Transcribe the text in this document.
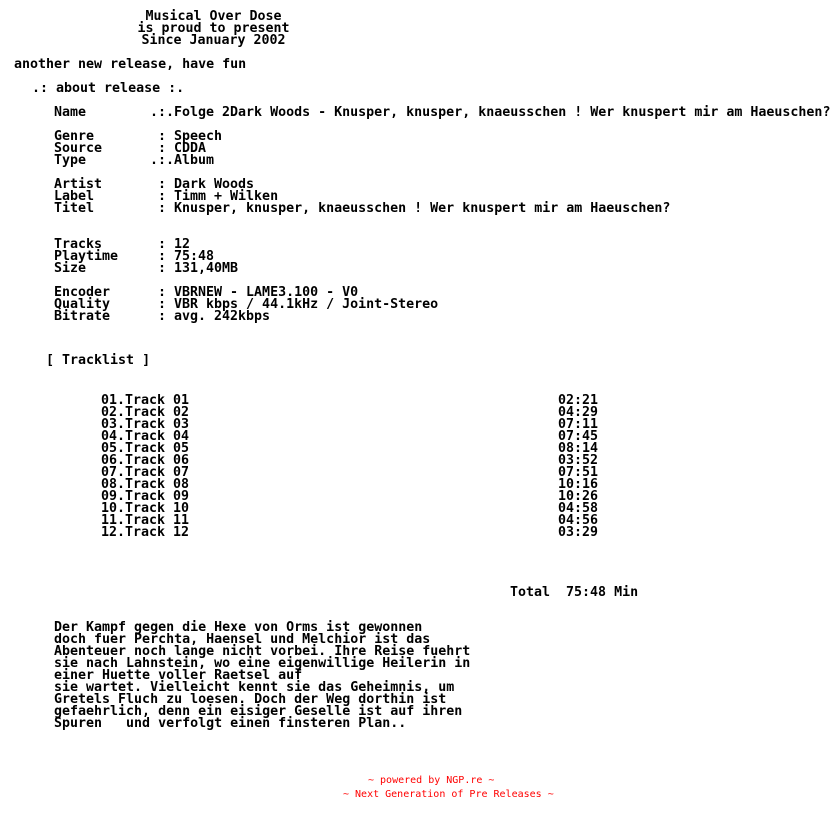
Musical Over Dose
is proud to present
Since January 2002
another new release, have fun
.: about release :.
Name	.:.Folge 2Dark Woods - Knusper, knusper, knaeusschen ! Wer knuspert mir am Haeuschen?
Genre	: Speech
Source	: CDDA
Type	.:.Album
Artist	: Dark Woods
Label	: Timm + Wilken
Titel	: Knusper, knusper, knaeusschen ! Wer knuspert mir am Haeuschen?
Tracks	: 12
Playtime : 75:48
Size	: 131,40MB
Encoder	: VBRNEW - LAME3.100 - V0
Quality	: VBR kbps / 44.1kHz / Joint-Stereo
Bitrate	: avg. 242kbps
[ Tracklist ]
01.Track 01	02:21
02.Track 02	04:29
03.Track 03	07:11
04.Track 04	07:45
05.Track 05	08:14
06.Track 06	03:52
07.Track 07	07:51
08.Track 08	10:16
09.Track 09	10:26
10.Track 10	04:58
11.Track 11	04:56
12.Track 12	03:29
Total  75:48 Min
Der Kampf gegen die Hexe von Orms ist gewonnen
doch fuer Perchta, Haensel und Melchior ist das
Abenteuer noch lange nicht vorbei. Ihre Reise fuehrt
sie nach Lahnstein, wo eine eigenwillige Heilerin in
einer Huette voller Raetsel auf
sie wartet. Vielleicht kennt sie das Geheimnis, um
Gretels Fluch zu loesen. Doch der Weg dorthin ist
gefaehrlich, denn ein eisiger Geselle ist auf ihren
Spuren   und verfolgt einen finsteren Plan..
~ powered by NGP.re ~
~ Next Generation of Pre Releases ~
